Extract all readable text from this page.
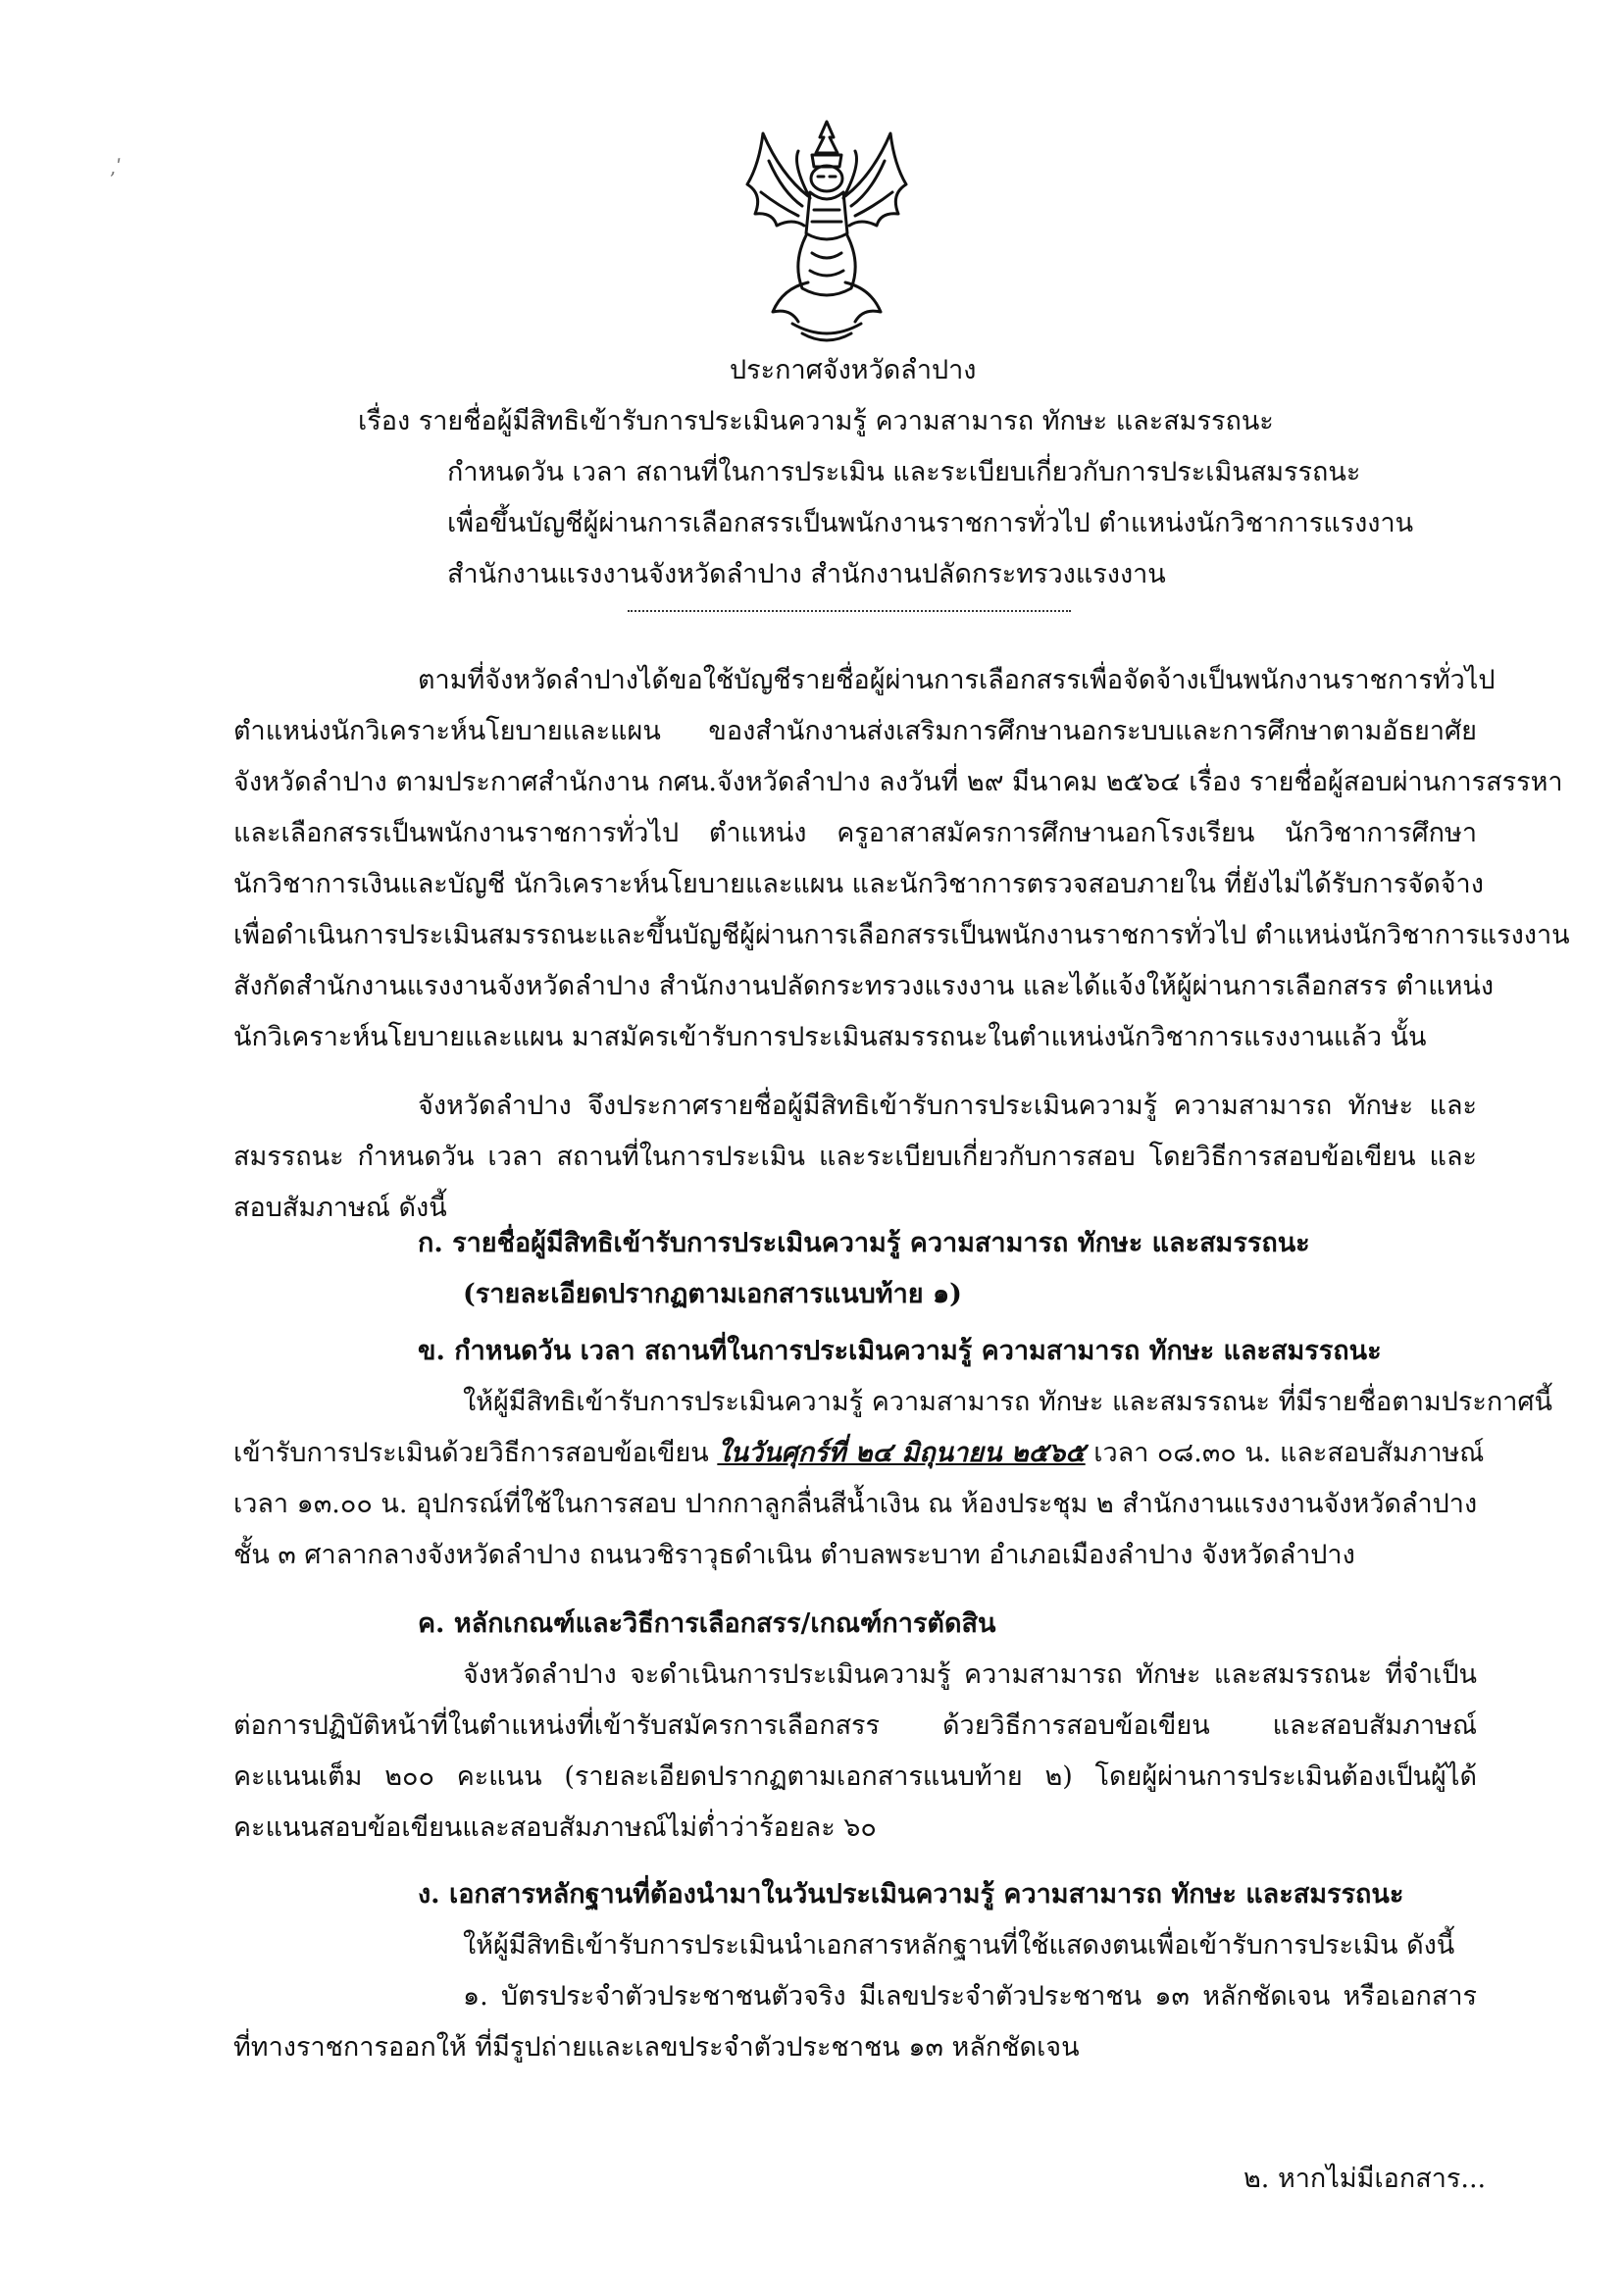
,ʹ
ประกาศจังหวัดลำปาง
เรื่อง รายชื่อผู้มีสิทธิเข้ารับการประเมินความรู้ ความสามารถ ทักษะ และสมรรถนะ
กำหนดวัน เวลา สถานที่ในการประเมิน และระเบียบเกี่ยวกับการประเมินสมรรถนะ
เพื่อขึ้นบัญชีผู้ผ่านการเลือกสรรเป็นพนักงานราชการทั่วไป ตำแหน่งนักวิชาการแรงงาน
สำนักงานแรงงานจังหวัดลำปาง สำนักงานปลัดกระทรวงแรงงาน
ตามที่จังหวัดลำปางได้ขอใช้บัญชีรายชื่อผู้ผ่านการเลือกสรรเพื่อจัดจ้างเป็นพนักงานราชการทั่วไป
ตำแหน่งนักวิเคราะห์นโยบายและแผน ของสำนักงานส่งเสริมการศึกษานอกระบบและการศึกษาตามอัธยาศัย
จังหวัดลำปาง ตามประกาศสำนักงาน กศน.จังหวัดลำปาง ลงวันที่ ๒๙ มีนาคม ๒๕๖๔ เรื่อง รายชื่อผู้สอบผ่านการสรรหา
และเลือกสรรเป็นพนักงานราชการทั่วไป ตำแหน่ง ครูอาสาสมัครการศึกษานอกโรงเรียน นักวิชาการศึกษา
นักวิชาการเงินและบัญชี นักวิเคราะห์นโยบายและแผน และนักวิชาการตรวจสอบภายใน ที่ยังไม่ได้รับการจัดจ้าง
เพื่อดำเนินการประเมินสมรรถนะและขึ้นบัญชีผู้ผ่านการเลือกสรรเป็นพนักงานราชการทั่วไป ตำแหน่งนักวิชาการแรงงาน
สังกัดสำนักงานแรงงานจังหวัดลำปาง สำนักงานปลัดกระทรวงแรงงาน และได้แจ้งให้ผู้ผ่านการเลือกสรร ตำแหน่ง
นักวิเคราะห์นโยบายและแผน มาสมัครเข้ารับการประเมินสมรรถนะในตำแหน่งนักวิชาการแรงงานแล้ว นั้น
จังหวัดลำปาง จึงประกาศรายชื่อผู้มีสิทธิเข้ารับการประเมินความรู้ ความสามารถ ทักษะ และ
สมรรถนะ กำหนดวัน เวลา สถานที่ในการประเมิน และระเบียบเกี่ยวกับการสอบ โดยวิธีการสอบข้อเขียน และ
สอบสัมภาษณ์ ดังนี้
ก. รายชื่อผู้มีสิทธิเข้ารับการประเมินความรู้ ความสามารถ ทักษะ และสมรรถนะ
(รายละเอียดปรากฏตามเอกสารแนบท้าย ๑)
ข. กำหนดวัน เวลา สถานที่ในการประเมินความรู้ ความสามารถ ทักษะ และสมรรถนะ
ให้ผู้มีสิทธิเข้ารับการประเมินความรู้ ความสามารถ ทักษะ และสมรรถนะ ที่มีรายชื่อตามประกาศนี้
เข้ารับการประเมินด้วยวิธีการสอบข้อเขียน ในวันศุกร์ที่ ๒๔ มิถุนายน ๒๕๖๕ เวลา ๐๘.๓๐ น. และสอบสัมภาษณ์
เวลา ๑๓.๐๐ น. อุปกรณ์ที่ใช้ในการสอบ ปากกาลูกลื่นสีน้ำเงิน ณ ห้องประชุม ๒ สำนักงานแรงงานจังหวัดลำปาง
ชั้น ๓ ศาลากลางจังหวัดลำปาง ถนนวชิราวุธดำเนิน ตำบลพระบาท อำเภอเมืองลำปาง จังหวัดลำปาง
ค. หลักเกณฑ์และวิธีการเลือกสรร/เกณฑ์การตัดสิน
จังหวัดลำปาง จะดำเนินการประเมินความรู้ ความสามารถ ทักษะ และสมรรถนะ ที่จำเป็น
ต่อการปฏิบัติหน้าที่ในตำแหน่งที่เข้ารับสมัครการเลือกสรร ด้วยวิธีการสอบข้อเขียน และสอบสัมภาษณ์
คะแนนเต็ม ๒๐๐ คะแนน (รายละเอียดปรากฏตามเอกสารแนบท้าย ๒) โดยผู้ผ่านการประเมินต้องเป็นผู้ได้
คะแนนสอบข้อเขียนและสอบสัมภาษณ์ไม่ต่ำว่าร้อยละ ๖๐
ง. เอกสารหลักฐานที่ต้องนำมาในวันประเมินความรู้ ความสามารถ ทักษะ และสมรรถนะ
ให้ผู้มีสิทธิเข้ารับการประเมินนำเอกสารหลักฐานที่ใช้แสดงตนเพื่อเข้ารับการประเมิน ดังนี้
๑. บัตรประจำตัวประชาชนตัวจริง มีเลขประจำตัวประชาชน ๑๓ หลักชัดเจน หรือเอกสาร
ที่ทางราชการออกให้ ที่มีรูปถ่ายและเลขประจำตัวประชาชน ๑๓ หลักชัดเจน
๒. หากไม่มีเอกสาร...
